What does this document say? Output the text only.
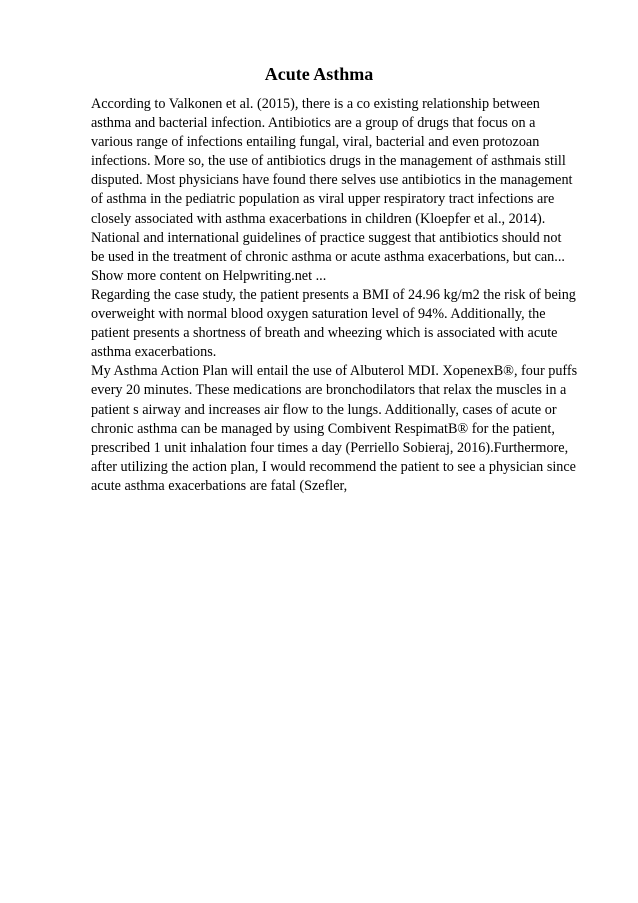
Acute Asthma
According to Valkonen et al. (2015), there is a co existing relationship between
asthma and bacterial infection. Antibiotics are a group of drugs that focus on a
various range of infections entailing fungal, viral, bacterial and even protozoan
infections. More so, the use of antibiotics drugs in the management of asthmais still
disputed. Most physicians have found there selves use antibiotics in the management
of asthma in the pediatric population as viral upper respiratory tract infections are
closely associated with asthma exacerbations in children (Kloepfer et al., 2014).
National and international guidelines of practice suggest that antibiotics should not
be used in the treatment of chronic asthma or acute asthma exacerbations, but can...
Show more content on Helpwriting.net ...
Regarding the case study, the patient presents a BMI of 24.96 kg/m2 the risk of being
overweight with normal blood oxygen saturation level of 94%. Additionally, the
patient presents a shortness of breath and wheezing which is associated with acute
asthma exacerbations.
My Asthma Action Plan will entail the use of Albuterol MDI. XopenexB®, four puffs
every 20 minutes. These medications are bronchodilators that relax the muscles in a
patient s airway and increases air flow to the lungs. Additionally, cases of acute or
chronic asthma can be managed by using Combivent RespimatB® for the patient,
prescribed 1 unit inhalation four times a day (Perriello Sobieraj, 2016).Furthermore,
after utilizing the action plan, I would recommend the patient to see a physician since
acute asthma exacerbations are fatal (Szefler,
